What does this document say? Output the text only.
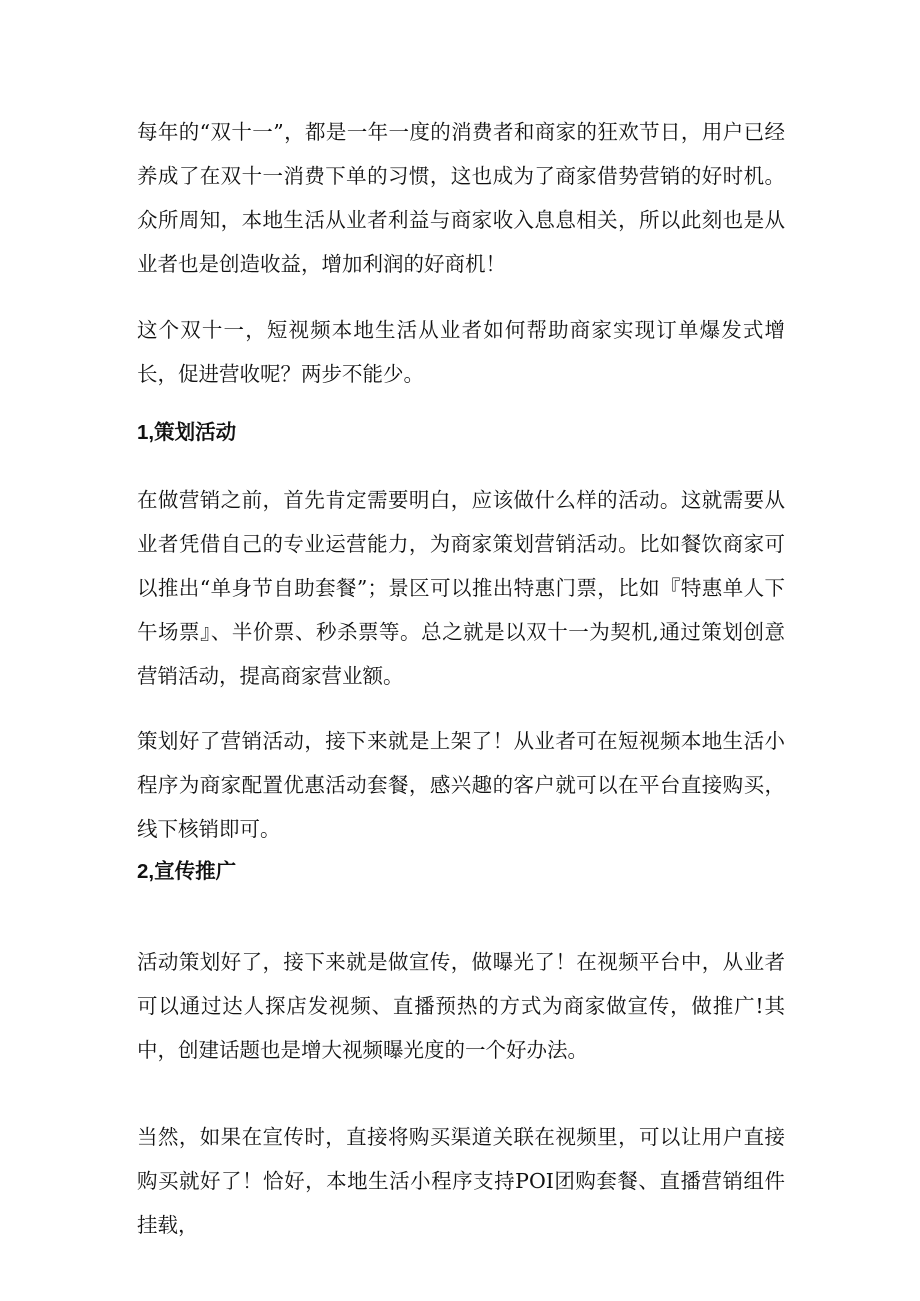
每年的“双十一”，都是一年一度的消费者和商家的狂欢节日，用户已经养成了在双十一消费下单的习惯，这也成为了商家借势营销的好时机。众所周知，本地生活从业者利益与商家收入息息相关，所以此刻也是从业者也是创造收益，增加利润的好商机！

这个双十一，短视频本地生活从业者如何帮助商家实现订单爆发式增长，促进营收呢？两步不能少。

1,策划活动

在做营销之前，首先肯定需要明白，应该做什么样的活动。这就需要从业者凭借自己的专业运营能力，为商家策划营销活动。比如餐饮商家可以推出“单身节自助套餐”；景区可以推出特惠门票，比如『特惠单人下午场票』、半价票、秒杀票等。总之就是以双十一为契机,通过策划创意营销活动，提高商家营业额。

策划好了营销活动，接下来就是上架了！从业者可在短视频本地生活小程序为商家配置优惠活动套餐，感兴趣的客户就可以在平台直接购买，线下核销即可。

2,宣传推广

活动策划好了，接下来就是做宣传，做曝光了！在视频平台中，从业者可以通过达人探店发视频、直播预热的方式为商家做宣传，做推广!其中，创建话题也是增大视频曝光度的一个好办法。

当然，如果在宣传时，直接将购买渠道关联在视频里，可以让用户直接购买就好了！恰好，本地生活小程序支持POI团购套餐、直播营销组件挂载，
